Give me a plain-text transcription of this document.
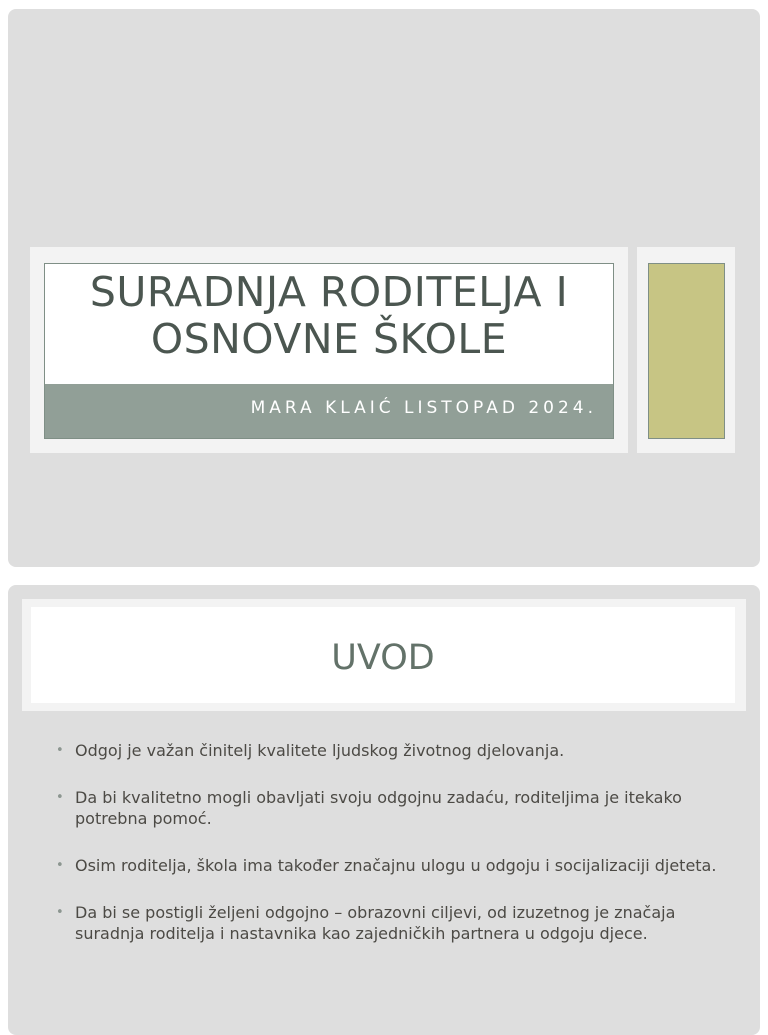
SURADNJA RODITELJA I OSNOVNE ŠKOLE
MARA KLAIĆ LISTOPAD 2024.
UVOD
• Odgoj je važan činitelj kvalitete ljudskog životnog djelovanja.
• Da bi kvalitetno mogli obavljati svoju odgojnu zadaću, roditeljima je itekako potrebna pomoć.
• Osim roditelja, škola ima također značajnu ulogu u odgoju i socijalizaciji djeteta.
• Da bi se postigli željeni odgojno – obrazovni ciljevi, od izuzetnog je značaja suradnja roditelja i nastavnika kao zajedničkih partnera u odgoju djece.
